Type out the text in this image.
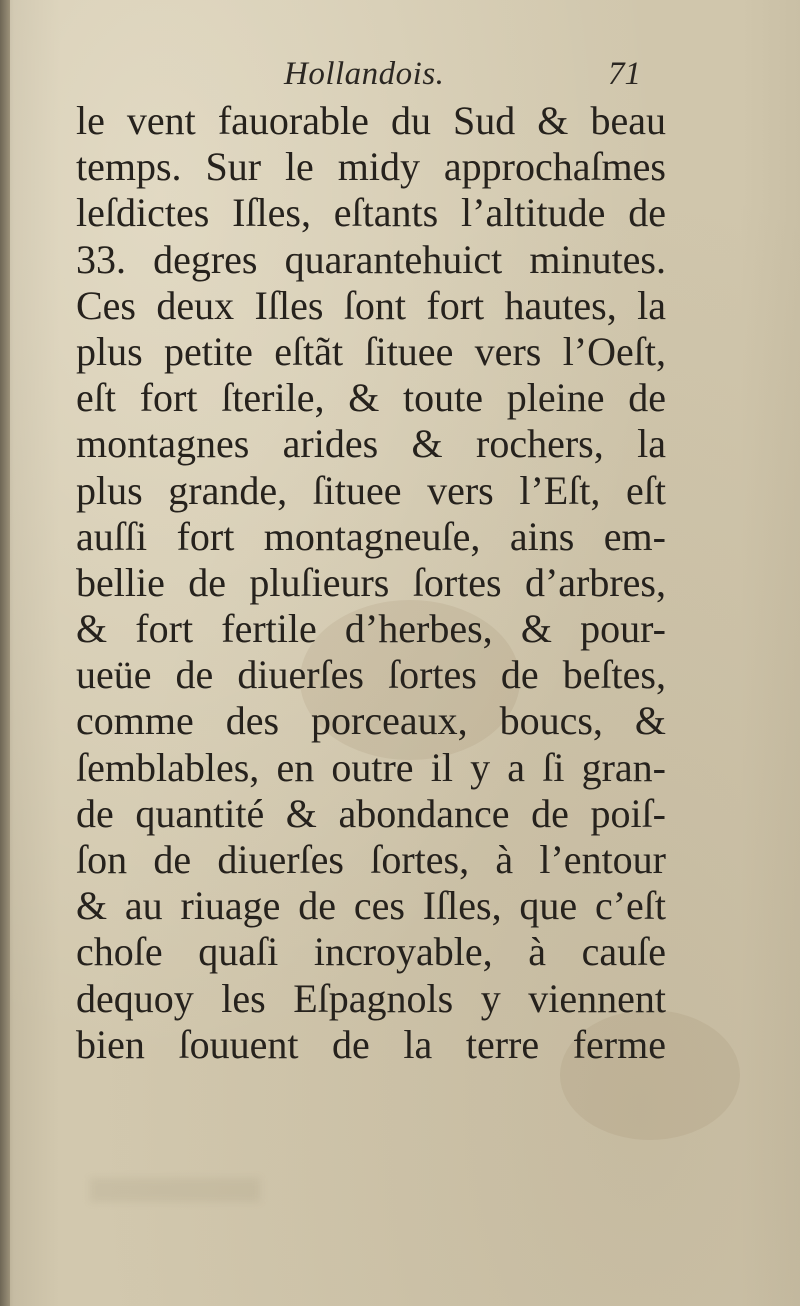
Hollandois.	71
le vent fauorable du Sud & beau
temps. Sur le midy approchaſmes
leſdictes Iſles, eſtants l’altitude de
33. degres quarantehuict minutes.
Ces deux Iſles ſont fort hautes, la
plus petite eſtãt ſituee vers l’Oeſt,
eſt fort ſterile, & toute pleine de
montagnes arides & rochers, la
plus grande, ſituee vers l’Eſt, eſt
auſſi fort montagneuſe, ains em-
bellie de pluſieurs ſortes d’arbres,
& fort fertile d’herbes, & pour-
ueüe de diuerſes ſortes de beſtes,
comme des porceaux, boucs, &
ſemblables, en outre il y a ſi gran-
de quantité & abondance de poiſ-
ſon de diuerſes ſortes, à l’entour
& au riuage de ces Iſles, que c’eſt
choſe quaſi incroyable, à cauſe
dequoy les Eſpagnols y viennent
bien ſouuent de la terre ferme
